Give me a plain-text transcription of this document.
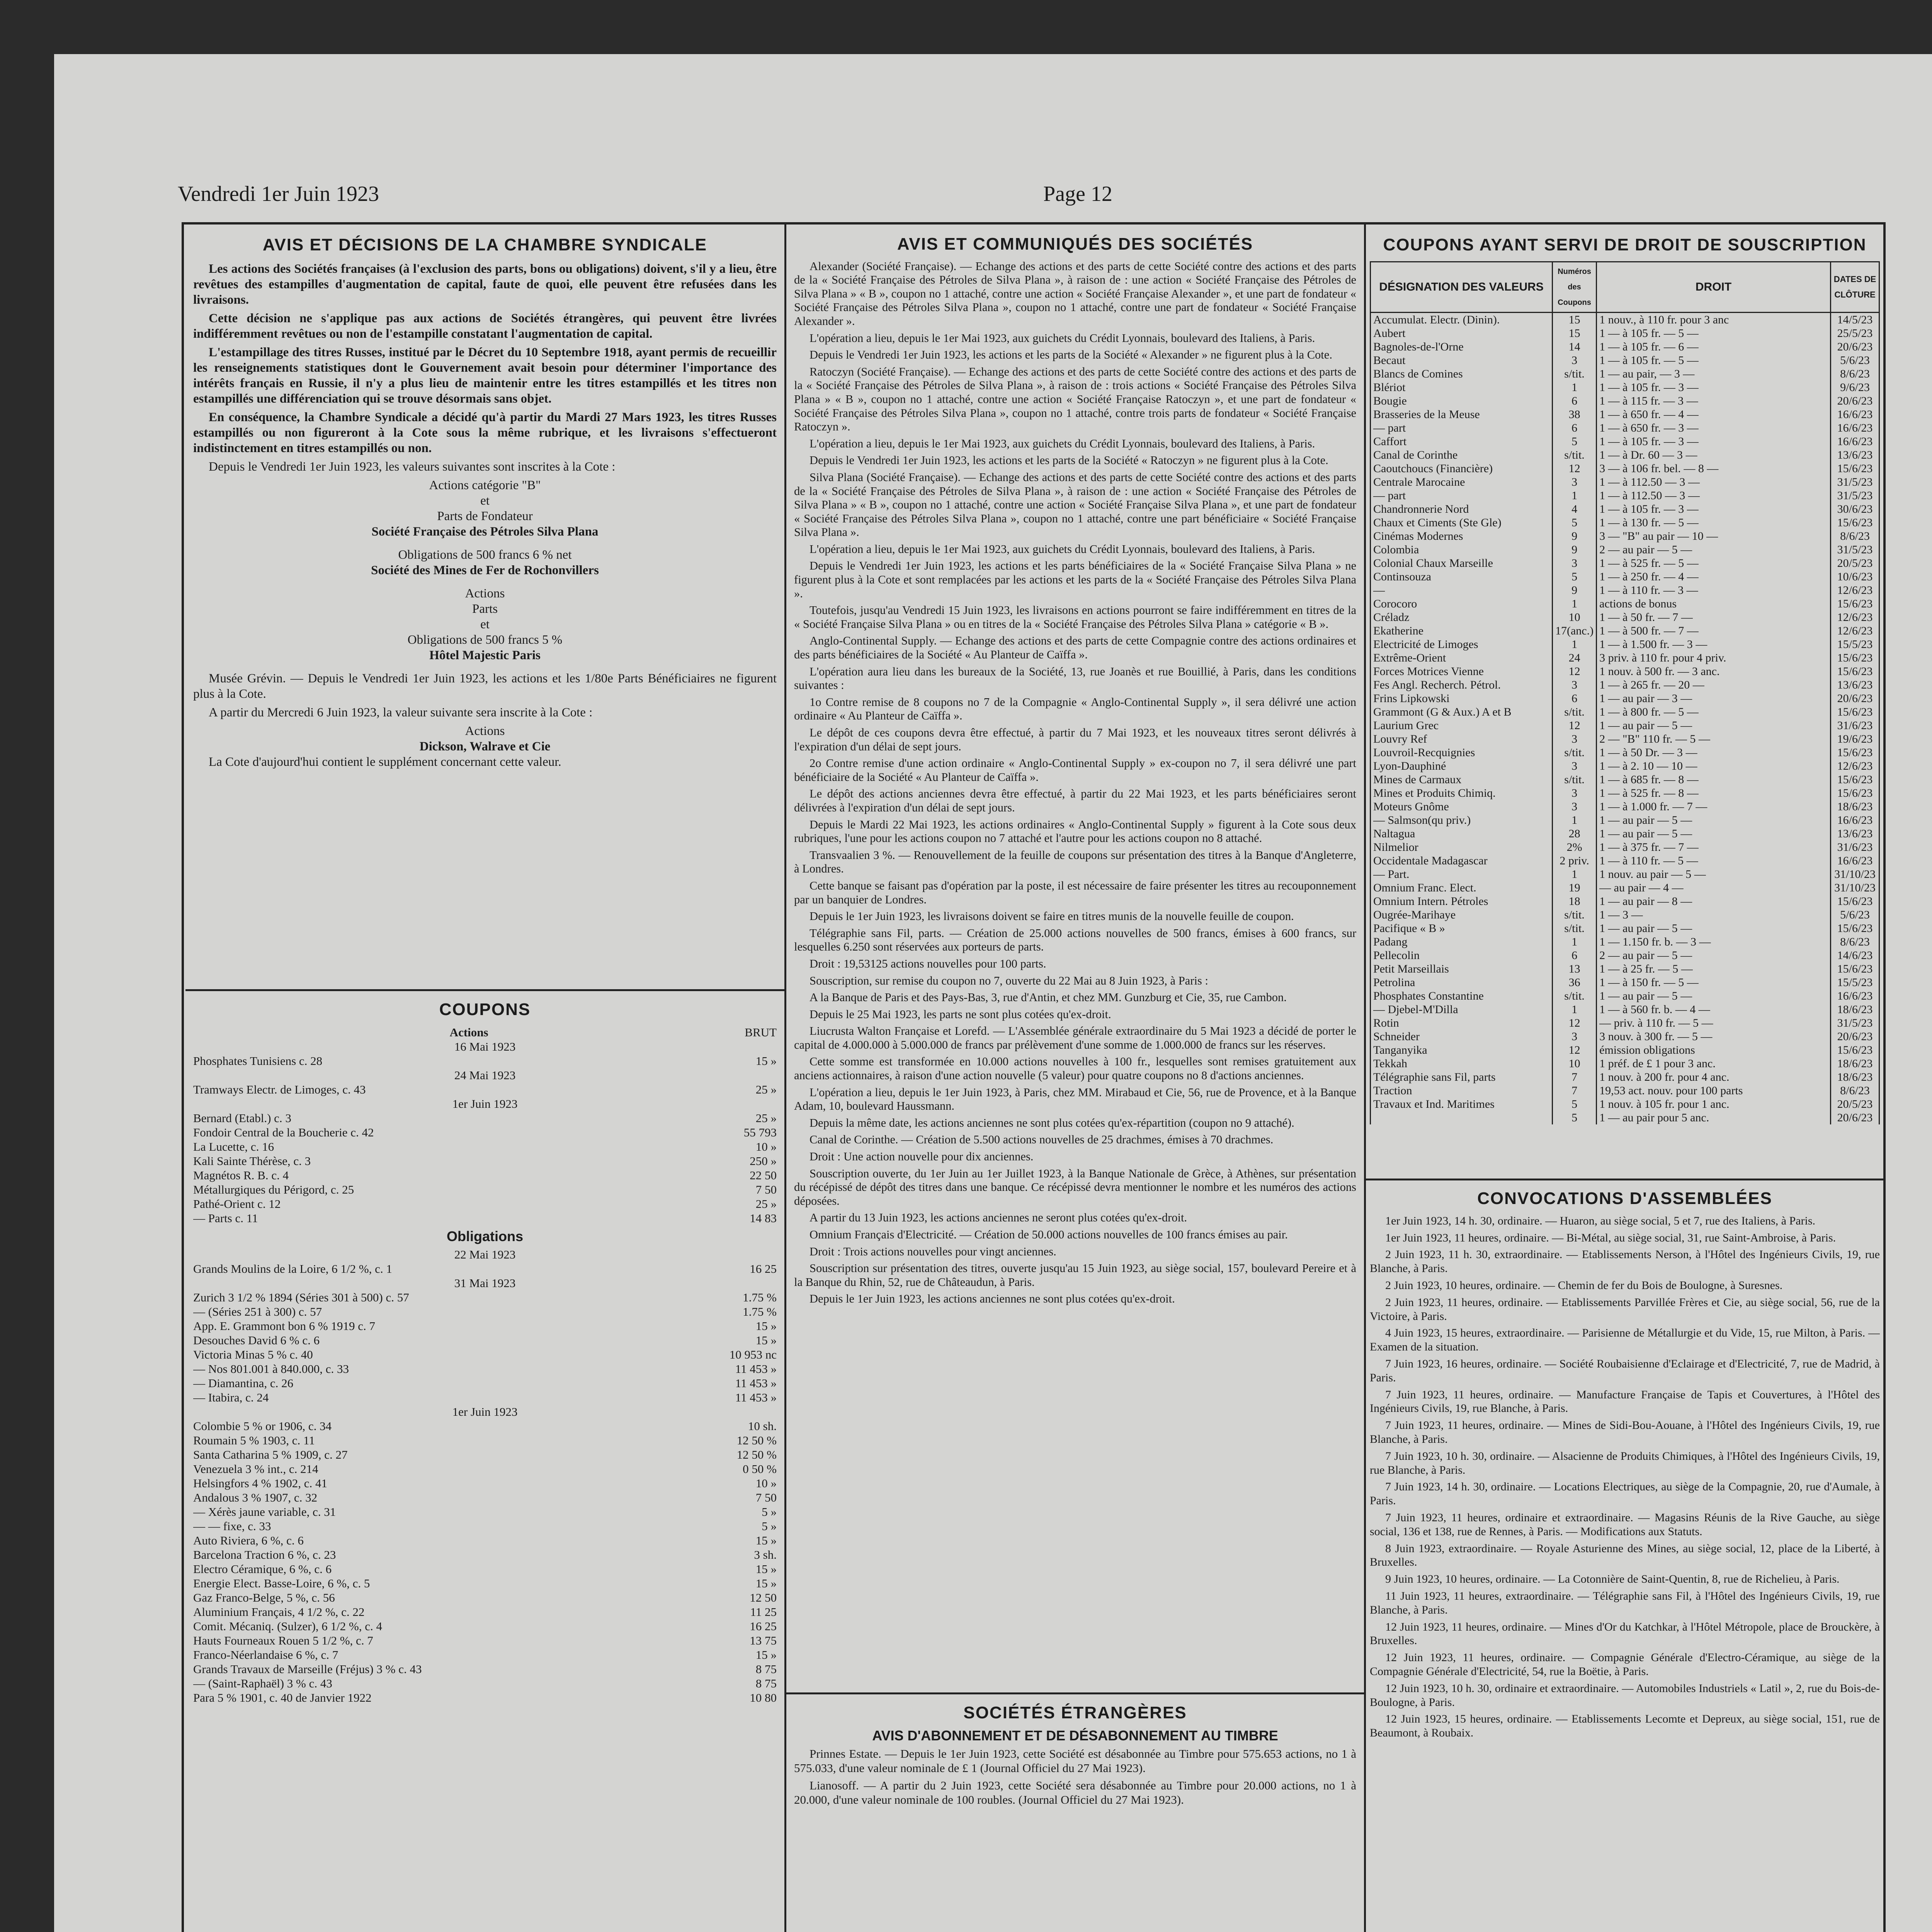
Vendredi 1er Juin 1923	Page 12
AVIS ET DÉCISIONS DE LA CHAMBRE SYNDICALE

Les actions des Sociétés françaises (à l'exclusion des parts, bons ou obligations) doivent, s'il y a lieu, être revêtues des estampilles d'augmentation de capital, faute de quoi, elle peuvent être refusées dans les livraisons.

Cette décision ne s'applique pas aux actions de Sociétés étrangères, qui peuvent être livrées indifféremment revêtues ou non de l'estampille constatant l'augmentation de capital.

L'estampillage des titres Russes, institué par le Décret du 10 Septembre 1918, ayant permis de recueillir les renseignements statistiques dont le Gouvernement avait besoin pour déterminer l'importance des intérêts français en Russie, il n'y a plus lieu de maintenir entre les titres estampillés et les titres non estampillés une différenciation qui se trouve désormais sans objet.

En conséquence, la Chambre Syndicale a décidé qu'à partir du Mardi 27 Mars 1923, les titres Russes estampillés ou non figureront à la Cote sous la même rubrique, et les livraisons s'effectueront indistinctement en titres estampillés ou non.

Depuis le Vendredi 1er Juin 1923, les valeurs suivantes sont inscrites à la Cote :

Actions catégorie "B"
et
Parts de Fondateur
Société Française des Pétroles Silva Plana
Obligations de 500 francs 6 % net
Société des Mines de Fer de Rochonvillers
Actions
Parts
et
Obligations de 500 francs 5 %
Hôtel Majestic Paris

Musée Grévin. — Depuis le Vendredi 1er Juin 1923, les actions et les 1/80e Parts Bénéficiaires ne figurent plus à la Cote.

A partir du Mercredi 6 Juin 1923, la valeur suivante sera inscrite à la Cote :

Actions
Dickson, Walrave et Cie

La Cote d'aujourd'hui contient le supplément concernant cette valeur.

COUPONS
Actions	BRUT
16 Mai 1923
Phosphates Tunisiens c. 28	15 »
24 Mai 1923
Tramways Electr. de Limoges, c. 43	25 »
1er Juin 1923
Bernard (Etabl.) c. 3	25 »
Fondoir Central de la Boucherie c. 42	55 793
La Lucette, c. 16	10 »
Kali Sainte Thérèse, c. 3	250 »
Magnétos R. B. c. 4	22 50
Métallurgiques du Périgord, c. 25	7 50
Pathé-Orient c. 12	25 »
— Parts c. 11	14 83
Obligations
22 Mai 1923
Grands Moulins de la Loire, 6 1/2 %, c. 1	16 25
31 Mai 1923
Zurich 3 1/2 % 1894 (Séries 301 à 500) c. 57	1.75 %
— (Séries 251 à 300) c. 57	1.75 %
App. E. Grammont bon 6 % 1919 c. 7	15 »
Desouches David 6 % c. 6	15 »
Victoria Minas 5 % c. 40	10 953 nc
— Nos 801.001 à 840.000, c. 33	11 453 »
— Diamantina, c. 26	11 453 »
— Itabira, c. 24	11 453 »
1er Juin 1923
Colombie 5 % or 1906, c. 34	10 sh.
Roumain 5 % 1903, c. 11	12 50 %
Santa Catharina 5 % 1909, c. 27	12 50 %
Venezuela 3 % int., c. 214	0 50 %
Helsingfors 4 % 1902, c. 41	10 »
Andalous 3 % 1907, c. 32	7 50
— Xérès jaune variable, c. 31	5 »
— — fixe, c. 33	5 »
Auto Riviera, 6 %, c. 6	15 »
Barcelona Traction 6 %, c. 23	3 sh.
Electro Céramique, 6 %, c. 6	15 »
Energie Elect. Basse-Loire, 6 %, c. 5	15 »
Gaz Franco-Belge, 5 %, c. 56	12 50
Aluminium Français, 4 1/2 %, c. 22	11 25
Comit. Mécaniq. (Sulzer), 6 1/2 %, c. 4	16 25
Hauts Fourneaux Rouen 5 1/2 %, c. 7	13 75
Franco-Néerlandaise 6 %, c. 7	15 »
Grands Travaux de Marseille (Fréjus) 3 % c. 43	8 75
— (Saint-Raphaël) 3 % c. 43	8 75
Para 5 % 1901, c. 40 de Janvier 1922	10 80
AVIS ET COMMUNIQUÉS DES SOCIÉTÉS

Alexander (Société Française). — Echange des actions et des parts de cette Société contre des actions et des parts de la « Société Française des Pétroles de Silva Plana », à raison de : une action « Société Française des Pétroles de Silva Plana » « B », coupon no 1 attaché, contre une action « Société Française Alexander », et une part de fondateur « Société Française des Pétroles Silva Plana », coupon no 1 attaché, contre une part de fondateur « Société Française Alexander ».

L'opération a lieu, depuis le 1er Mai 1923, aux guichets du Crédit Lyonnais, boulevard des Italiens, à Paris.

Depuis le Vendredi 1er Juin 1923, les actions et les parts de la Société « Alexander » ne figurent plus à la Cote.

Ratoczyn (Société Française). — Echange des actions et des parts de cette Société contre des actions et des parts de la « Société Française des Pétroles de Silva Plana », à raison de : trois actions « Société Française des Pétroles Silva Plana » « B », coupon no 1 attaché, contre une action « Société Française Ratoczyn », et une part de fondateur « Société Française des Pétroles Silva Plana », coupon no 1 attaché, contre trois parts de fondateur « Société Française Ratoczyn ».

L'opération a lieu, depuis le 1er Mai 1923, aux guichets du Crédit Lyonnais, boulevard des Italiens, à Paris.

Depuis le Vendredi 1er Juin 1923, les actions et les parts de la Société « Ratoczyn » ne figurent plus à la Cote.

Silva Plana (Société Française). — Echange des actions et des parts de cette Société contre des actions et des parts de la « Société Française des Pétroles de Silva Plana », à raison de : une action « Société Française des Pétroles de Silva Plana » « B », coupon no 1 attaché, contre une action « Société Française Silva Plana », et une part de fondateur « Société Française des Pétroles Silva Plana », coupon no 1 attaché, contre une part bénéficiaire « Société Française Silva Plana ».

L'opération a lieu, depuis le 1er Mai 1923, aux guichets du Crédit Lyonnais, boulevard des Italiens, à Paris.

Depuis le Vendredi 1er Juin 1923, les actions et les parts bénéficiaires de la « Société Française Silva Plana » ne figurent plus à la Cote et sont remplacées par les actions et les parts de la « Société Française des Pétroles Silva Plana ».

Toutefois, jusqu'au Vendredi 15 Juin 1923, les livraisons en actions pourront se faire indifféremment en titres de la « Société Française Silva Plana » ou en titres de la « Société Française des Pétroles Silva Plana » catégorie « B ».

Anglo-Continental Supply. — Echange des actions et des parts de cette Compagnie contre des actions ordinaires et des parts bénéficiaires de la Société « Au Planteur de Caïffa ».

L'opération aura lieu dans les bureaux de la Société, 13, rue Joanès et rue Bouillié, à Paris, dans les conditions suivantes :

1o Contre remise de 8 coupons no 7 de la Compagnie « Anglo-Continental Supply », il sera délivré une action ordinaire « Au Planteur de Caïffa ».

Le dépôt de ces coupons devra être effectué, à partir du 7 Mai 1923, et les nouveaux titres seront délivrés à l'expiration d'un délai de sept jours.

2o Contre remise d'une action ordinaire « Anglo-Continental Supply » ex-coupon no 7, il sera délivré une part bénéficiaire de la Société « Au Planteur de Caïffa ».

Le dépôt des actions anciennes devra être effectué, à partir du 22 Mai 1923, et les parts bénéficiaires seront délivrées à l'expiration d'un délai de sept jours.

Depuis le Mardi 22 Mai 1923, les actions ordinaires « Anglo-Continental Supply » figurent à la Cote sous deux rubriques, l'une pour les actions coupon no 7 attaché et l'autre pour les actions coupon no 8 attaché.

Transvaalien 3 %. — Renouvellement de la feuille de coupons sur présentation des titres à la Banque d'Angleterre, à Londres.

Cette banque se faisant pas d'opération par la poste, il est nécessaire de faire présenter les titres au recouponnement par un banquier de Londres.

Depuis le 1er Juin 1923, les livraisons doivent se faire en titres munis de la nouvelle feuille de coupon.

Télégraphie sans Fil, parts. — Création de 25.000 actions nouvelles de 500 francs, émises à 600 francs, sur lesquelles 6.250 sont réservées aux porteurs de parts.

Droit : 19,53125 actions nouvelles pour 100 parts.

Souscription, sur remise du coupon no 7, ouverte du 22 Mai au 8 Juin 1923, à Paris :

A la Banque de Paris et des Pays-Bas, 3, rue d'Antin, et chez MM. Gunzburg et Cie, 35, rue Cambon.

Depuis le 25 Mai 1923, les parts ne sont plus cotées qu'ex-droit.

Liucrusta Walton Française et Lorefd. — L'Assemblée générale extraordinaire du 5 Mai 1923 a décidé de porter le capital de 4.000.000 à 5.000.000 de francs par prélèvement d'une somme de 1.000.000 de francs sur les réserves.

Cette somme est transformée en 10.000 actions nouvelles à 100 fr., lesquelles sont remises gratuitement aux anciens actionnaires, à raison d'une action nouvelle (5 valeur) pour quatre coupons no 8 d'actions anciennes.

L'opération a lieu, depuis le 1er Juin 1923, à Paris, chez MM. Mirabaud et Cie, 56, rue de Provence, et à la Banque Adam, 10, boulevard Haussmann.

Depuis la même date, les actions anciennes ne sont plus cotées qu'ex-répartition (coupon no 9 attaché).

Canal de Corinthe. — Création de 5.500 actions nouvelles de 25 drachmes, émises à 70 drachmes.

Droit : Une action nouvelle pour dix anciennes.

Souscription ouverte, du 1er Juin au 1er Juillet 1923, à la Banque Nationale de Grèce, à Athènes, sur présentation du récépissé de dépôt des titres dans une banque. Ce récépissé devra mentionner le nombre et les numéros des actions déposées.

A partir du 13 Juin 1923, les actions anciennes ne seront plus cotées qu'ex-droit.

Omnium Français d'Electricité. — Création de 50.000 actions nouvelles de 100 francs émises au pair.

Droit : Trois actions nouvelles pour vingt anciennes.

Souscription sur présentation des titres, ouverte jusqu'au 15 Juin 1923, au siège social, 157, boulevard Pereire et à la Banque du Rhin, 52, rue de Châteaudun, à Paris.

Depuis le 1er Juin 1923, les actions anciennes ne sont plus cotées qu'ex-droit.

SOCIÉTÉS ÉTRANGÈRES
AVIS D'ABONNEMENT ET DE DÉSABONNEMENT AU TIMBRE

Prinnes Estate. — Depuis le 1er Juin 1923, cette Société est désabonnée au Timbre pour 575.653 actions, no 1 à 575.033, d'une valeur nominale de £ 1 (Journal Officiel du 27 Mai 1923).

Lianosoff. — A partir du 2 Juin 1923, cette Société sera désabonnée au Timbre pour 20.000 actions, no 1 à 20.000, d'une valeur nominale de 100 roubles. (Journal Officiel du 27 Mai 1923).

COUPONS AYANT SERVI DE DROIT DE SOUSCRIPTION
DÉSIGNATION DES VALEURS	Numéros des Coupons	DROIT	DATES DE CLÔTURE
Accumulat. Electr. (Dinin).	15	1 nouv., à 110 fr. pour 3 anc	14/5/23
Aubert	15	1 — à 105 fr. — 5 —	25/5/23
Bagnoles-de-l'Orne	14	1 — à 105 fr. — 6 —	20/6/23
Becaut	3	1 — à 105 fr. — 5 —	5/6/23
Blancs de Comines	s/tit.	1 — au pair, — 3 —	8/6/23
Blériot	1	1 — à 105 fr. — 3 —	9/6/23
Bougie	6	1 — à 115 fr. — 3 —	20/6/23
Brasseries de la Meuse	38	1 — à 650 fr. — 4 —	16/6/23
— part	6	1 — à 650 fr. — 3 —	16/6/23
Caffort	5	1 — à 105 fr. — 3 —	16/6/23
Canal de Corinthe	s/tit.	1 — à Dr. 60 — 3 —	13/6/23
Caoutchoucs (Financière)	12	3 — à 106 fr. bel. — 8 —	15/6/23
Centrale Marocaine	3	1 — à 112.50 — 3 —	31/5/23
— part	1	1 — à 112.50 — 3 —	31/5/23
Chandronnerie Nord	4	1 — à 105 fr. — 3 —	30/6/23
Chaux et Ciments (Ste Gle)	5	1 — à 130 fr. — 5 —	15/6/23
Cinémas Modernes	9	3 — "B" au pair — 10 —	8/6/23
Colombia	9	2 — au pair — 5 —	31/5/23
Colonial Chaux Marseille	3	1 — à 525 fr. — 5 —	20/5/23
Continsouza	5	1 — à 250 fr. — 4 —	10/6/23
—	9	1 — à 110 fr. — 3 —	12/6/23
Corocoro	1	actions de bonus	15/6/23
Créladz	10	1 — à 50 fr. — 7 —	12/6/23
Ekatherine	17(anc.)	1 — à 500 fr. — 7 —	12/6/23
Electricité de Limoges	1	1 — à 1.500 fr. — 3 —	15/5/23
Extrême-Orient	24	3 priv. à 110 fr. pour 4 priv.	15/6/23
Forces Motrices Vienne	12	1 nouv. à 500 fr. — 3 anc.	15/6/23
Fes Angl. Recherch. Pétrol.	3	1 — à 265 fr. — 20 —	13/6/23
Frins Lipkowski	6	1 — au pair — 3 —	20/6/23
Grammont (G & Aux.) A et B	s/tit.	1 — à 800 fr. — 5 —	15/6/23
Laurium Grec	12	1 — au pair — 5 —	31/6/23
Louvry Ref	3	2 — "B" 110 fr. — 5 —	19/6/23
Louvroil-Recquignies	s/tit.	1 — à 50 Dr. — 3 —	15/6/23
Lyon-Dauphiné	3	1 — à 2. 10 — 10 —	12/6/23
Mines de Carmaux	s/tit.	1 — à 685 fr. — 8 —	15/6/23
Mines et Produits Chimiq.	3	1 — à 525 fr. — 8 —	15/6/23
Moteurs Gnôme	3	1 — à 1.000 fr. — 7 —	18/6/23
— Salmson(qu priv.)	1	1 — au pair — 5 —	16/6/23
Naltagua	28	1 — au pair — 5 —	13/6/23
Nilmelior	2%	1 — à 375 fr. — 7 —	31/6/23
Occidentale Madagascar	2 priv.	1 — à 110 fr. — 5 —	16/6/23
— Part.	1	1 nouv. au pair — 5 —	31/10/23
Omnium Franc. Elect.	19	— au pair — 4 —	31/10/23
Omnium Intern. Pétroles	18	1 — au pair — 8 —	15/6/23
Ougrée-Marihaye	s/tit.	1 — 3 —	5/6/23
Pacifique « B »	s/tit.	1 — au pair — 5 —	15/6/23
Padang	1	1 — 1.150 fr. b. — 3 —	8/6/23
Pellecolin	6	2 — au pair — 5 —	14/6/23
Petit Marseillais	13	1 — à 25 fr. — 5 —	15/6/23
Petrolina	36	1 — à 150 fr. — 5 —	15/5/23
Phosphates Constantine	s/tit.	1 — au pair — 5 —	16/6/23
— Djebel-M'Dilla	1	1 — à 560 fr. b. — 4 —	18/6/23
Rotin	12	— priv. à 110 fr. — 5 —	31/5/23
Schneider	3	3 nouv. à 300 fr. — 5 —	20/6/23
Tanganyika	12	émission obligations	15/6/23
Tekkah	10	1 préf. de £ 1 pour 3 anc.	18/6/23
Télégraphie sans Fil, parts	7	1 nouv. à 200 fr. pour 4 anc.	18/6/23
Traction	7	19,53 act. nouv. pour 100 parts	8/6/23
Travaux et Ind. Maritimes	5	1 nouv. à 105 fr. pour 1 anc.	20/5/23
	5	1 — au pair pour 5 anc.	20/6/23
CONVOCATIONS D'ASSEMBLÉES

1er Juin 1923, 14 h. 30, ordinaire. — Huaron, au siège social, 5 et 7, rue des Italiens, à Paris.

1er Juin 1923, 11 heures, ordinaire. — Bi-Métal, au siège social, 31, rue Saint-Ambroise, à Paris.

2 Juin 1923, 11 h. 30, extraordinaire. — Etablissements Nerson, à l'Hôtel des Ingénieurs Civils, 19, rue Blanche, à Paris.

2 Juin 1923, 10 heures, ordinaire. — Chemin de fer du Bois de Boulogne, à Suresnes.

2 Juin 1923, 11 heures, ordinaire. — Etablissements Parvillée Frères et Cie, au siège social, 56, rue de la Victoire, à Paris.

4 Juin 1923, 15 heures, extraordinaire. — Parisienne de Métallurgie et du Vide, 15, rue Milton, à Paris. — Examen de la situation.

7 Juin 1923, 16 heures, ordinaire. — Société Roubaisienne d'Eclairage et d'Electricité, 7, rue de Madrid, à Paris.

7 Juin 1923, 11 heures, ordinaire. — Manufacture Française de Tapis et Couvertures, à l'Hôtel des Ingénieurs Civils, 19, rue Blanche, à Paris.

7 Juin 1923, 11 heures, ordinaire. — Mines de Sidi-Bou-Aouane, à l'Hôtel des Ingénieurs Civils, 19, rue Blanche, à Paris.

7 Juin 1923, 10 h. 30, ordinaire. — Alsacienne de Produits Chimiques, à l'Hôtel des Ingénieurs Civils, 19, rue Blanche, à Paris.

7 Juin 1923, 14 h. 30, ordinaire. — Locations Electriques, au siège de la Compagnie, 20, rue d'Aumale, à Paris.

7 Juin 1923, 11 heures, ordinaire et extraordinaire. — Magasins Réunis de la Rive Gauche, au siège social, 136 et 138, rue de Rennes, à Paris. — Modifications aux Statuts.

8 Juin 1923, extraordinaire. — Royale Asturienne des Mines, au siège social, 12, place de la Liberté, à Bruxelles.

9 Juin 1923, 10 heures, ordinaire. — La Cotonnière de Saint-Quentin, 8, rue de Richelieu, à Paris.

11 Juin 1923, 11 heures, extraordinaire. — Télégraphie sans Fil, à l'Hôtel des Ingénieurs Civils, 19, rue Blanche, à Paris.

12 Juin 1923, 11 heures, ordinaire. — Mines d'Or du Katchkar, à l'Hôtel Métropole, place de Brouckère, à Bruxelles.

12 Juin 1923, 11 heures, ordinaire. — Compagnie Générale d'Electro-Céramique, au siège de la Compagnie Générale d'Electricité, 54, rue la Boëtie, à Paris.

12 Juin 1923, 10 h. 30, ordinaire et extraordinaire. — Automobiles Industriels « Latil », 2, rue du Bois-de-Boulogne, à Paris.

12 Juin 1923, 15 heures, ordinaire. — Etablissements Lecomte et Depreux, au siège social, 151, rue de Beaumont, à Roubaix.
